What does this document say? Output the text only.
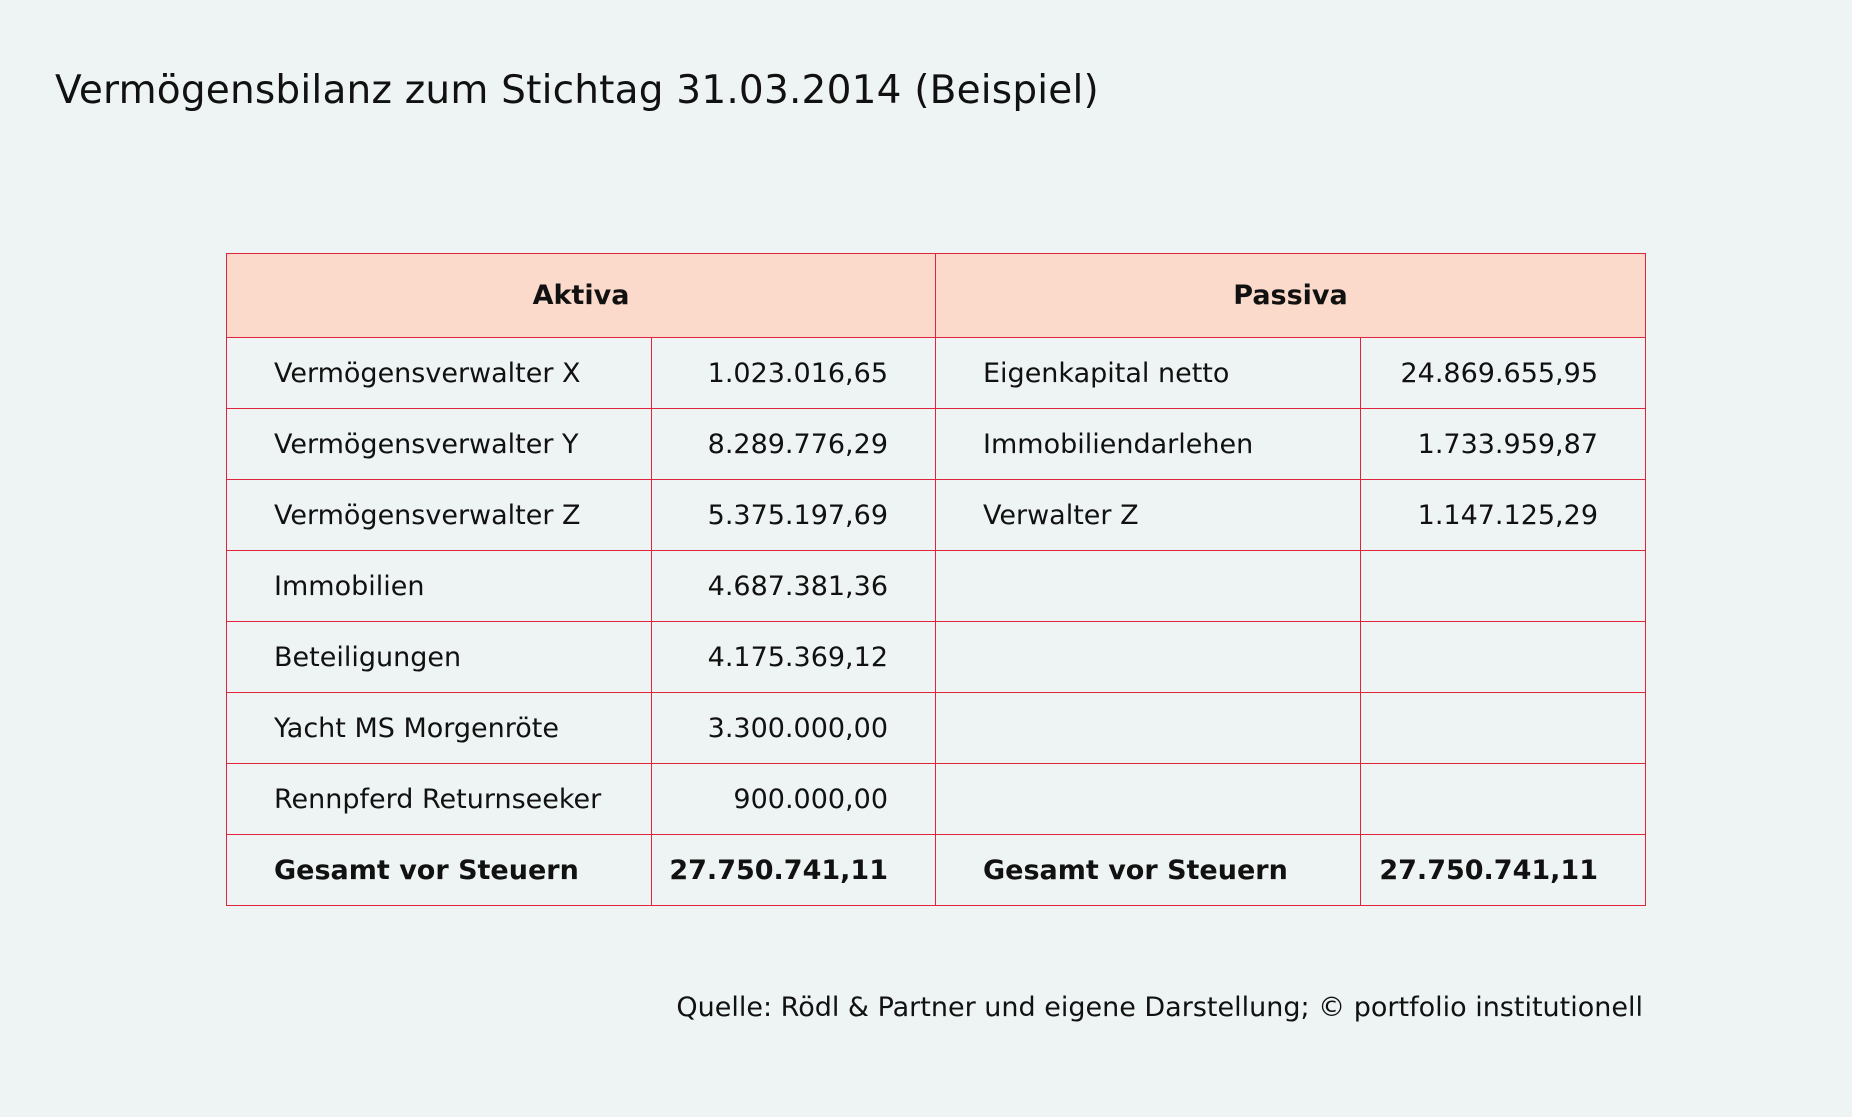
Vermögensbilanz zum Stichtag 31.03.2014 (Beispiel)
Aktiva		Passiva	
Vermögensverwalter X	1.023.016,65	Eigenkapital netto	24.869.655,95
Vermögensverwalter Y	8.289.776,29	Immobiliendarlehen	1.733.959,87
Vermögensverwalter Z	5.375.197,69	Verwalter Z	1.147.125,29
Immobilien	4.687.381,36		
Beteiligungen	4.175.369,12		
Yacht MS Morgenröte	3.300.000,00		
Rennpferd Returnseeker	900.000,00		
Gesamt vor Steuern	27.750.741,11	Gesamt vor Steuern	27.750.741,11

Quelle: Rödl & Partner und eigene Darstellung; © portfolio institutionell
